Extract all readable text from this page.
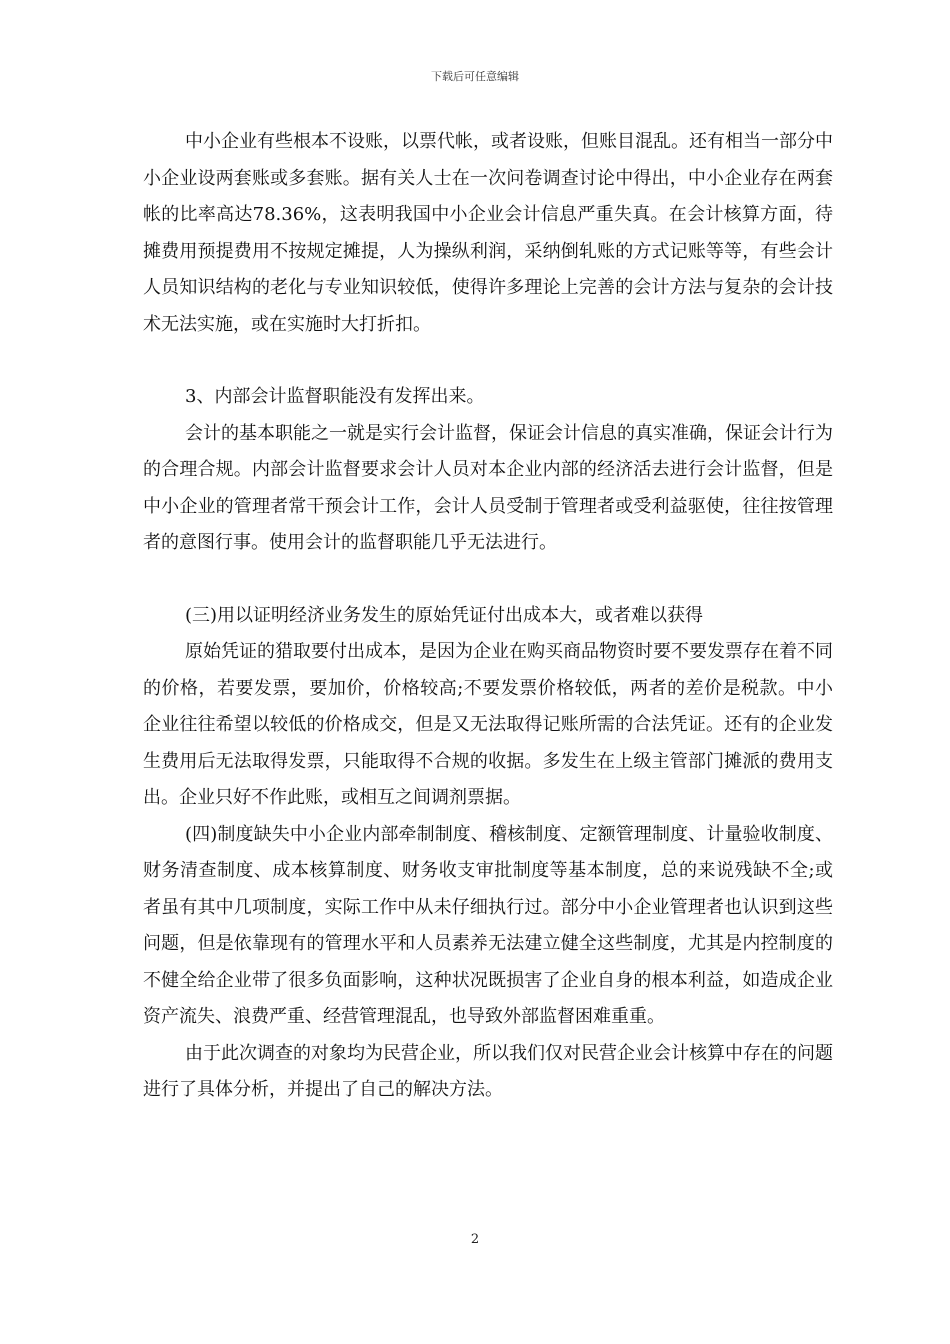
下载后可任意编辑

中小企业有些根本不设账，以票代帐，或者设账，但账目混乱。还有相当一部分中小企业设两套账或多套账。据有关人士在一次问卷调查讨论中得出，中小企业存在两套帐的比率高达78.36%，这表明我国中小企业会计信息严重失真。在会计核算方面，待摊费用预提费用不按规定摊提，人为操纵利润，采纳倒轧账的方式记账等等，有些会计人员知识结构的老化与专业知识较低，使得许多理论上完善的会计方法与复杂的会计技术无法实施，或在实施时大打折扣。

3、内部会计监督职能没有发挥出来。

会计的基本职能之一就是实行会计监督，保证会计信息的真实准确，保证会计行为的合理合规。内部会计监督要求会计人员对本企业内部的经济活去进行会计监督，但是中小企业的管理者常干预会计工作，会计人员受制于管理者或受利益驱使，往往按管理者的意图行事。使用会计的监督职能几乎无法进行。

(三)用以证明经济业务发生的原始凭证付出成本大，或者难以获得

原始凭证的猎取要付出成本，是因为企业在购买商品物资时要不要发票存在着不同的价格，若要发票，要加价，价格较高;不要发票价格较低，两者的差价是税款。中小企业往往希望以较低的价格成交，但是又无法取得记账所需的合法凭证。还有的企业发生费用后无法取得发票，只能取得不合规的收据。多发生在上级主管部门摊派的费用支出。企业只好不作此账，或相互之间调剂票据。

(四)制度缺失中小企业内部牵制制度、稽核制度、定额管理制度、计量验收制度、财务清查制度、成本核算制度、财务收支审批制度等基本制度，总的来说残缺不全;或者虽有其中几项制度，实际工作中从未仔细执行过。部分中小企业管理者也认识到这些问题，但是依靠现有的管理水平和人员素养无法建立健全这些制度，尤其是内控制度的不健全给企业带了很多负面影响，这种状况既损害了企业自身的根本利益，如造成企业资产流失、浪费严重、经营管理混乱，也导致外部监督困难重重。

由于此次调查的对象均为民营企业，所以我们仅对民营企业会计核算中存在的问题进行了具体分析，并提出了自己的解决方法。

2
